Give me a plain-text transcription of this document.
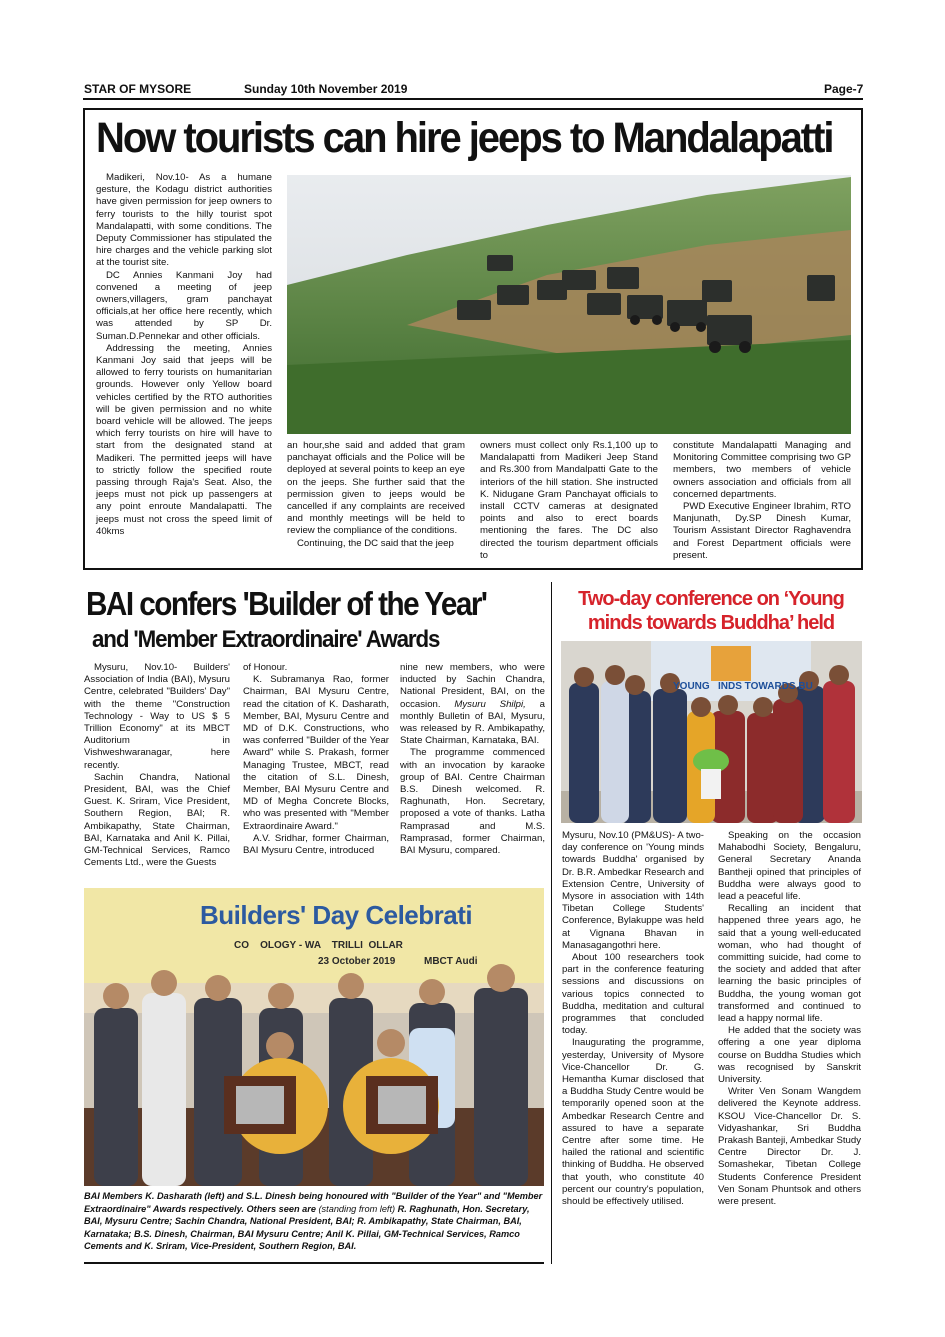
STAR OF MYSORE	Sunday 10th November 2019	Page-7
Now tourists can hire jeeps to Mandalapatti

Madikeri, Nov.10- As a humane gesture, the Kodagu district authorities have given permission for jeep owners to ferry tourists to the hilly tourist spot Mandalapatti, with some conditions. The Deputy Commissioner has stipulated the hire charges and the vehicle parking slot at the tourist site.

DC Annies Kanmani Joy had convened a meeting of jeep owners,villagers, gram panchayat officials,at her office here recently, which was attended by SP Dr. Suman.D.Pennekar and other officials.

Addressing the meeting, Annies Kanmani Joy said that jeeps will be allowed to ferry tourists on humanitarian grounds. However only Yellow board vehicles certified by the RTO authorities will be given permission and no white board vehicle will be allowed. The jeeps which ferry tourists on hire will have to start from the designated stand at Madikeri. The permitted jeeps will have to strictly follow the specified route passing through Raja's Seat. Also, the jeeps must not pick up passengers at any point enroute Mandalapatti. The jeeps must not cross the speed limit of 40kms

an hour,she said and added that gram panchayat officials and the Police will be deployed at several points to keep an eye on the jeeps. She further said that the permission given to jeeps would be cancelled if any complaints are received and monthly meetings will be held to review the compliance of the conditions.

Continuing, the DC said that the jeep

owners must collect only Rs.1,100 up to Mandalapatti from Madikeri Jeep Stand and Rs.300 from Mandalpatti Gate to the interiors of the hill station. She instructed K. Nidugane Gram Panchayat officials to install CCTV cameras at designated points and also to erect boards mentioning the fares. The DC also directed the tourism department officials to

constitute Mandalapatti Managing and Monitoring Committee comprising two GP members, two members of vehicle owners association and officials from all concerned departments.

PWD Executive Engineer Ibrahim, RTO Manjunath, Dy.SP Dinesh Kumar, Tourism Assistant Director Raghavendra and Forest Department officials were present.

BAI confers 'Builder of the Year'
and 'Member Extraordinaire' Awards

Mysuru, Nov.10- Builders' Association of India (BAI), Mysuru Centre, celebrated "Builders' Day" with the theme "Construction Technology - Way to US $ 5 Trillion Economy" at its MBCT Auditorium in Vishweshwaranagar, here recently.

Sachin Chandra, National President, BAI, was the Chief Guest. K. Sriram, Vice President, Southern Region, BAI; R. Ambikapathy, State Chairman, BAI, Karnataka and Anil K. Pillai, GM-Technical Services, Ramco Cements Ltd., were the Guests

of Honour.

K. Subramanya Rao, former Chairman, BAI Mysuru Centre, read the citation of K. Dasharath, Member, BAI, Mysuru Centre and MD of D.K. Constructions, who was conferred "Builder of the Year Award" while S. Prakash, former Managing Trustee, MBCT, read the citation of S.L. Dinesh, Member, BAI Mysuru Centre and MD of Megha Concrete Blocks, who was presented with "Member Extraordinaire Award."

A.V. Sridhar, former Chairman, BAI Mysuru Centre, introduced

nine new members, who were inducted by Sachin Chandra, National President, BAI, on the occasion. Mysuru Shilpi, a monthly Bulletin of BAI, Mysuru, was released by R. Ambikapathy, State Chairman, Karnataka, BAI.

The programme commenced with an invocation by karaoke group of BAI. Centre Chairman B.S. Dinesh welcomed. R. Raghunath, Hon. Secretary, proposed a vote of thanks. Latha Ramprasad and M.S. Ramprasad, former Chairman, BAI Mysuru, compared.

Builders' Day Celebrati
CO    OLOGY - WA    TRILLI  OLLAR
23 October 2019	MBCT Audi
BAI Members K. Dasharath (left) and S.L. Dinesh being honoured with "Builder of the Year" and "Member Extraordinaire" Awards respectively. Others seen are (standing from left) R. Raghunath, Hon. Secretary, BAI, Mysuru Centre; Sachin Chandra, National President, BAI; R. Ambikapathy, State Chairman, BAI, Karnataka; B.S. Dinesh, Chairman, BAI Mysuru Centre; Anil K. Pillai, GM-Technical Services, Ramco Cements and K. Sriram, Vice-President, Southern Region, BAI.
Two-day conference on ‘Young minds towards Buddha’ held
YOUNG   INDS TOWARDS BU

Mysuru, Nov.10 (PM&US)- A two-day conference on 'Young minds towards Buddha' organised by Dr. B.R. Ambedkar Research and Extension Centre, University of Mysore in association with 14th Tibetan College Students' Conference, Bylakuppe was held at Vignana Bhavan in Manasagangothri here.

About 100 researchers took part in the conference featuring sessions and discussions on various topics connected to Buddha, meditation and cultural programmes that concluded today.

Inaugurating the programme, yesterday, University of Mysore Vice-Chancellor Dr. G. Hemantha Kumar disclosed that a Buddha Study Centre would be temporarily opened soon at the Ambedkar Research Centre and assured to have a separate Centre after some time. He hailed the rational and scientific thinking of Buddha. He observed that youth, who constitute 40 percent our country's population, should be effectively utilised.

Speaking on the occasion Mahabodhi Society, Bengaluru, General Secretary Ananda Bantheji opined that principles of Buddha were always good to lead a peaceful life.

Recalling an incident that happened three years ago, he said that a young well-educated woman, who had thought of committing suicide, had come to the society and added that after learning the basic principles of Buddha, the young woman got transformed and continued to lead a happy normal life.

He added that the society was offering a one year diploma course on Buddha Studies which was recognised by Sanskrit University.

Writer Ven Sonam Wangdem delivered the Keynote address. KSOU Vice-Chancellor Dr. S. Vidyashankar, Sri Buddha Prakash Banteji, Ambedkar Study Centre Director Dr. J. Somashekar, Tibetan College Students Conference President Ven Sonam Phuntsok and others were present.
